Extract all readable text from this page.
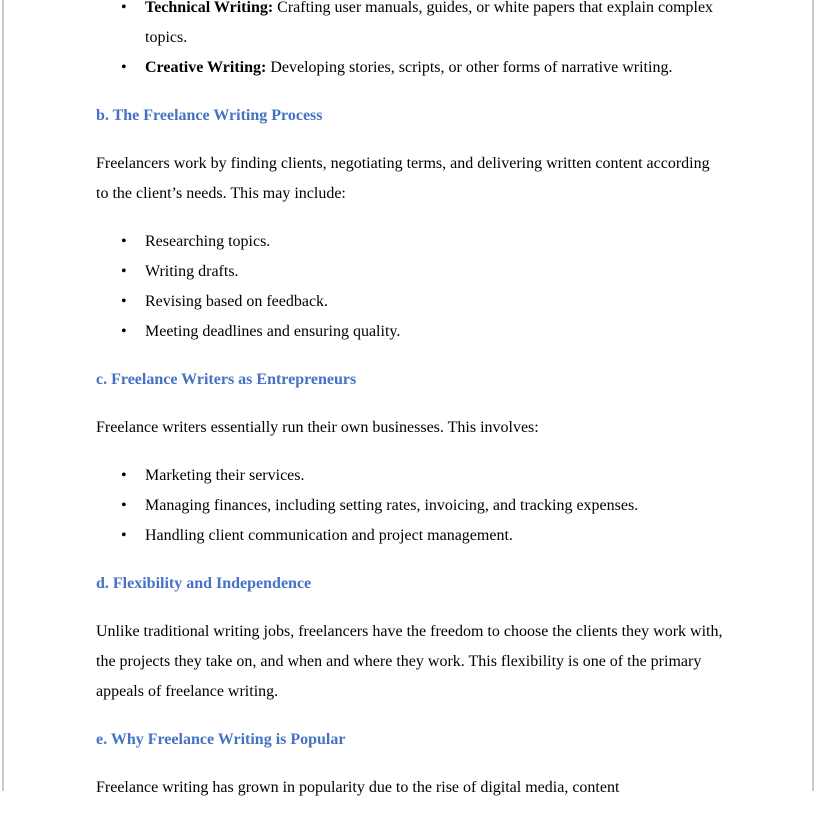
• Technical Writing: Crafting user manuals, guides, or white papers that explain complex topics.
• Creative Writing: Developing stories, scripts, or other forms of narrative writing.
b. The Freelance Writing Process

Freelancers work by finding clients, negotiating terms, and delivering written content according to the client’s needs. This may include:

• Researching topics.
• Writing drafts.
• Revising based on feedback.
• Meeting deadlines and ensuring quality.
c. Freelance Writers as Entrepreneurs

Freelance writers essentially run their own businesses. This involves:

• Marketing their services.
• Managing finances, including setting rates, invoicing, and tracking expenses.
• Handling client communication and project management.
d. Flexibility and Independence

Unlike traditional writing jobs, freelancers have the freedom to choose the clients they work with, the projects they take on, and when and where they work. This flexibility is one of the primary appeals of freelance writing.

e. Why Freelance Writing is Popular

Freelance writing has grown in popularity due to the rise of digital media, content
